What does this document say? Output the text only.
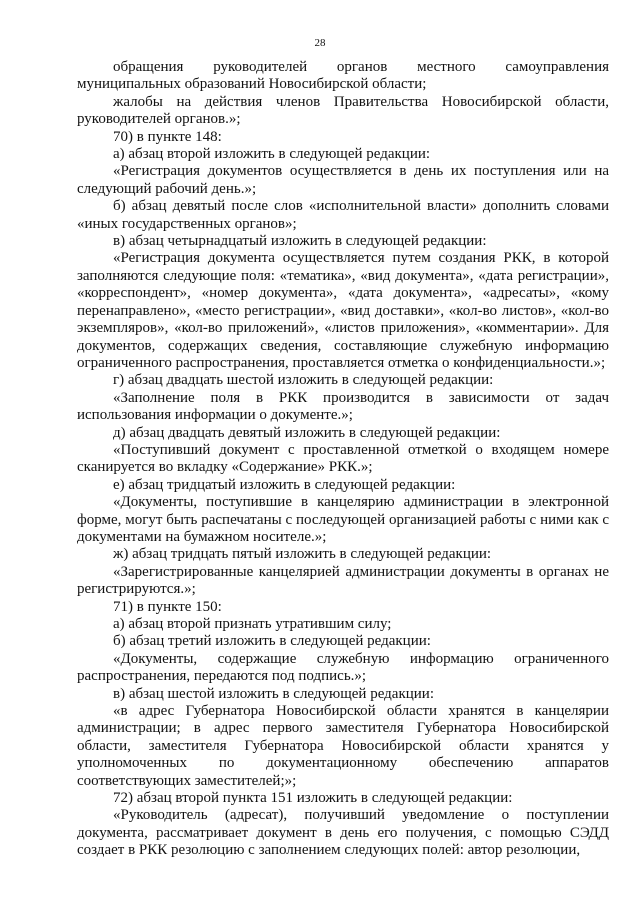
28

обращения руководителей органов местного самоуправления муниципальных образований Новосибирской области;

жалобы на действия членов Правительства Новосибирской области, руководителей органов.»;

70) в пункте 148:

а) абзац второй изложить в следующей редакции:

«Регистрация документов осуществляется в день их поступления или на следующий рабочий день.»;

б) абзац девятый после слов «исполнительной власти» дополнить словами «иных государственных органов»;

в) абзац четырнадцатый изложить в следующей редакции:

«Регистрация документа осуществляется путем создания РКК, в которой заполняются следующие поля: «тематика», «вид документа», «дата регистрации», «корреспондент», «номер документа», «дата документа», «адресаты», «кому перенаправлено», «место регистрации», «вид доставки», «кол-во листов», «кол-во экземпляров», «кол-во приложений», «листов приложения», «комментарии». Для документов, содержащих сведения, составляющие служебную информацию ограниченного распространения, проставляется отметка о конфиденциальности.»;

г) абзац двадцать шестой изложить в следующей редакции:

«Заполнение поля в РКК производится в зависимости от задач использования информации о документе.»;

д) абзац двадцать девятый изложить в следующей редакции:

«Поступивший документ с проставленной отметкой о входящем номере сканируется во вкладку «Содержание» РКК.»;

е) абзац тридцатый изложить в следующей редакции:

«Документы, поступившие в канцелярию администрации в электронной форме, могут быть распечатаны с последующей организацией работы с ними как с документами на бумажном носителе.»;

ж) абзац тридцать пятый изложить в следующей редакции:

«Зарегистрированные канцелярией администрации документы в органах не регистрируются.»;

71) в пункте 150:

а) абзац второй признать утратившим силу;

б) абзац третий изложить в следующей редакции:

«Документы, содержащие служебную информацию ограниченного распространения, передаются под подпись.»;

в) абзац шестой изложить в следующей редакции:

«в адрес Губернатора Новосибирской области хранятся в канцелярии администрации; в адрес первого заместителя Губернатора Новосибирской области, заместителя Губернатора Новосибирской области хранятся у уполномоченных по документационному обеспечению аппаратов соответствующих заместителей;»;

72) абзац второй пункта 151 изложить в следующей редакции:

«Руководитель (адресат), получивший уведомление о поступлении документа, рассматривает документ в день его получения, с помощью СЭДД создает в РКК резолюцию с заполнением следующих полей: автор резолюции,
